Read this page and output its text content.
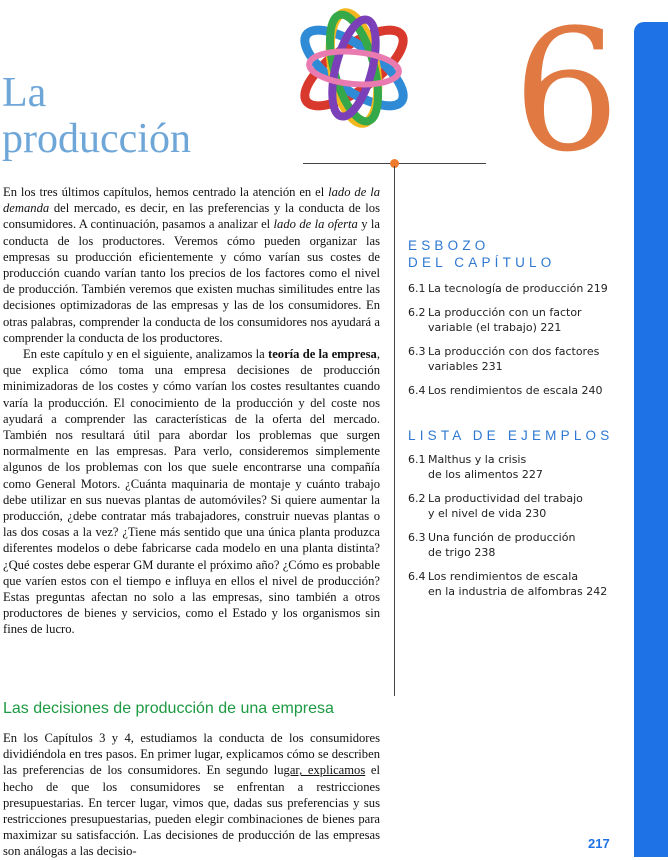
La
producción 6

En los tres últimos capítulos, hemos centrado la atención en el lado de la demanda del mercado, es decir, en las preferencias y la conducta de los consumidores. A continuación, pasamos a analizar el lado de la oferta y la conducta de los productores. Veremos cómo pueden organizar las empresas su producción eficientemente y cómo varían sus costes de producción cuando varían tanto los precios de los factores como el nivel de producción. También veremos que existen muchas similitudes entre las decisiones optimizadoras de las empresas y las de los consumidores. En otras palabras, comprender la conducta de los consumidores nos ayudará a comprender la conducta de los productores.

En este capítulo y en el siguiente, analizamos la teoría de la empresa, que explica cómo toma una empresa decisiones de producción minimizadoras de los costes y cómo varían los costes resultantes cuando varía la producción. El conocimiento de la producción y del coste nos ayudará a comprender las características de la oferta del mercado. También nos resultará útil para abordar los problemas que surgen normalmente en las empresas. Para verlo, consideremos simplemente algunos de los problemas con los que suele encontrarse una compañía como General Motors. ¿Cuánta maquinaria de montaje y cuánto trabajo debe utilizar en sus nuevas plantas de automóviles? Si quiere aumentar la producción, ¿debe contratar más trabajadores, construir nuevas plantas o las dos cosas a la vez? ¿Tiene más sentido que una única planta produzca diferentes modelos o debe fabricarse cada modelo en una planta distinta? ¿Qué costes debe esperar GM durante el próximo año? ¿Cómo es probable que varíen estos con el tiempo e influya en ellos el nivel de producción? Estas preguntas afectan no solo a las empresas, sino también a otros productores de bienes y servicios, como el Estado y los organismos sin fines de lucro.

Las decisiones de producción de una empresa

En los Capítulos 3 y 4, estudiamos la conducta de los consumidores dividiéndola en tres pasos. En primer lugar, explicamos cómo se describen las preferencias de los consumidores. En segundo lugar, explicamos el hecho de que los consumidores se enfrentan a restricciones presupuestarias. En tercer lugar, vimos que, dadas sus preferencias y sus restricciones presupuestarias, pueden elegir combinaciones de bienes para maximizar su satisfacción. Las decisiones de producción de las empresas son análogas a las decisio-

ESBOZO
DEL CAPÍTULO
6.1 La tecnología de producción 219
6.2 La producción con un factor
variable (el trabajo) 221
6.3 La producción con dos factores
variables 231
6.4 Los rendimientos de escala 240
LISTA DE EJEMPLOS
6.1 Malthus y la crisis
de los alimentos 227
6.2 La productividad del trabajo
y el nivel de vida 230
6.3 Una función de producción
de trigo 238
6.4 Los rendimientos de escala
en la industria de alfombras 242
217
